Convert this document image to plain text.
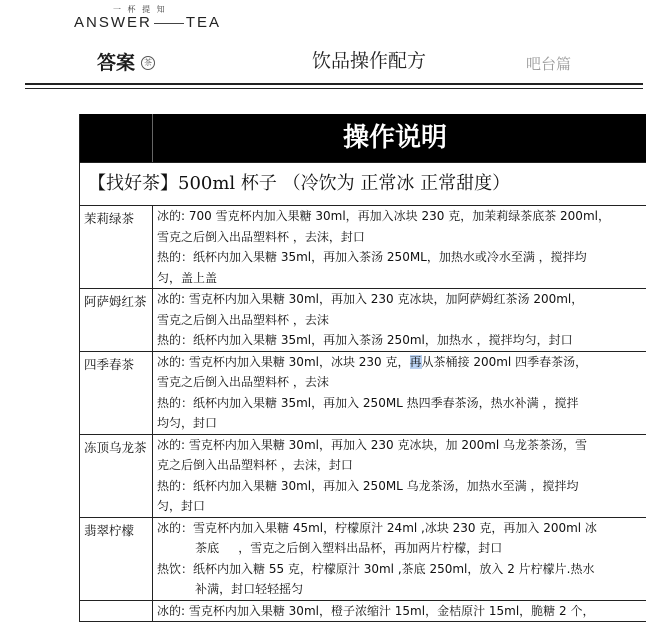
一 杯 提 知
ANSWER TEA
答案	茶	饮品操作配方	吧台篇
操作说明
【找好茶】500ml 杯子 （冷饮为 正常冰 正常甜度）
茉莉绿茶	冰的: 700 雪克杯内加入果糖 30ml，再加入冰块 230 克，加茉莉绿茶底茶 200ml，
雪克之后倒入出品塑料杯 ，去沫，封口
热的：纸杯内加入果糖 35ml，再加入茶汤 250ML，加热水或冷水至满 ，搅拌均
匀，盖上盖
阿萨姆红茶 冰的: 雪克杯内加入果糖 30ml，再加入 230 克冰块，加阿萨姆红茶汤 200ml，
雪克之后倒入出品塑料杯 ，去沫
热的：纸杯内加入果糖 35ml，再加入茶汤 250ml，加热水 ，搅拌均匀，封口
四季春茶	冰的: 雪克杯内加入果糖 30ml，冰块 230 克，再从茶桶接 200ml 四季春茶汤，
雪克之后倒入出品塑料杯 ，去沫
热的：纸杯内加入果糖 35ml，再加入 250ML 热四季春茶汤，热水补满 ，搅拌
均匀，封口
冻顶乌龙茶 冰的: 雪克杯内加入果糖 30ml，再加入 230 克冰块，加 200ml 乌龙茶茶汤，雪
克之后倒入出品塑料杯 ，去沫，封口
热的：纸杯内加入果糖 30ml，再加入 250ML 乌龙茶汤，加热水至满 ，搅拌均
匀，封口
翡翠柠檬	冰的：雪克杯内加入果糖 45ml，柠檬原汁 24ml ,冰块 230 克，再加入 200ml 冰
茶底     ，雪克之后倒入塑料出品杯，再加两片柠檬，封口
热饮：纸杯内加入糖 55 克，柠檬原汁 30ml ,茶底 250ml，放入 2 片柠檬片.热水
补满，封口轻轻摇匀
冰的: 雪克杯内加入果糖 30ml，橙子浓缩汁 15ml，金桔原汁 15ml，脆糖 2 个，
